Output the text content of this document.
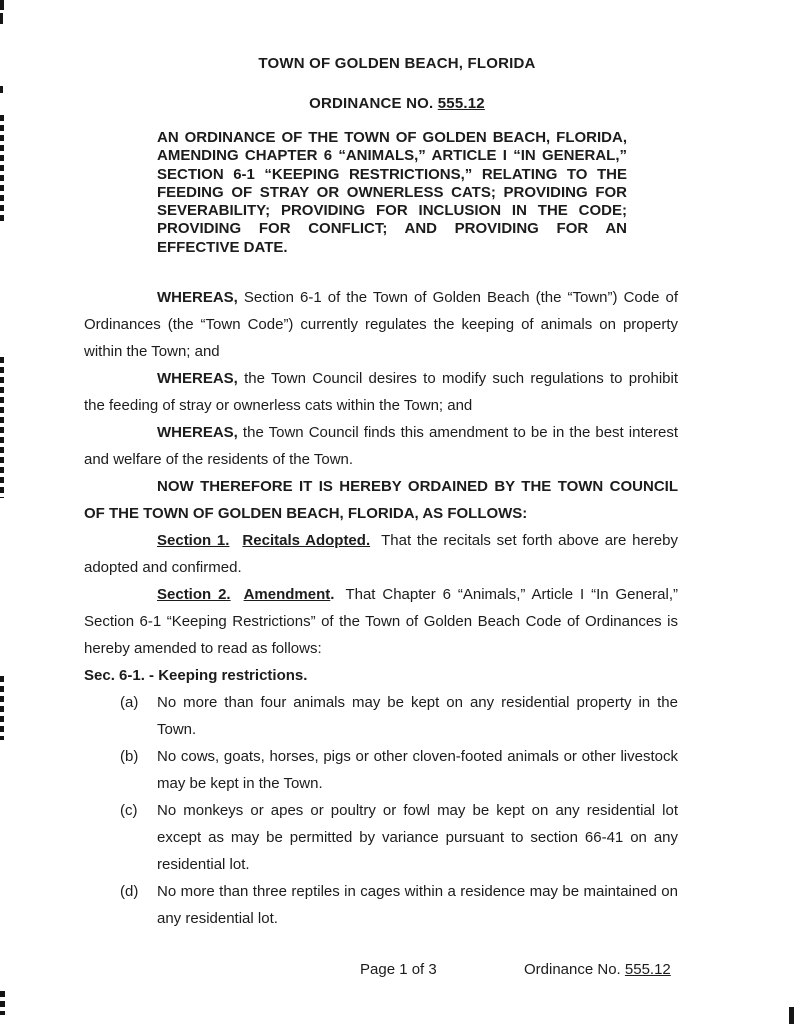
TOWN OF GOLDEN BEACH, FLORIDA
ORDINANCE NO. 555.12
AN ORDINANCE OF THE TOWN OF GOLDEN BEACH, FLORIDA, AMENDING CHAPTER 6 “ANIMALS,” ARTICLE I “IN GENERAL,” SECTION 6-1 “KEEPING RESTRICTIONS,” RELATING TO THE FEEDING OF STRAY OR OWNERLESS CATS; PROVIDING FOR SEVERABILITY; PROVIDING FOR INCLUSION IN THE CODE; PROVIDING FOR CONFLICT; AND PROVIDING FOR AN EFFECTIVE DATE.

WHEREAS, Section 6-1 of the Town of Golden Beach (the “Town”) Code of Ordinances (the “Town Code”) currently regulates the keeping of animals on property within the Town; and

WHEREAS, the Town Council desires to modify such regulations to prohibit the feeding of stray or ownerless cats within the Town; and

WHEREAS, the Town Council finds this amendment to be in the best interest and welfare of the residents of the Town.

NOW THEREFORE IT IS HEREBY ORDAINED BY THE TOWN COUNCIL OF THE TOWN OF GOLDEN BEACH, FLORIDA, AS FOLLOWS:

Section 1. Recitals Adopted. That the recitals set forth above are hereby adopted and confirmed.

Section 2. Amendment. That Chapter 6 “Animals,” Article I “In General,” Section 6-1 “Keeping Restrictions” of the Town of Golden Beach Code of Ordinances is hereby amended to read as follows:

Sec. 6-1. - Keeping restrictions.

(a) No more than four animals may be kept on any residential property in the Town.
(b) No cows, goats, horses, pigs or other cloven-footed animals or other livestock may be kept in the Town.
(c) No monkeys or apes or poultry or fowl may be kept on any residential lot except as may be permitted by variance pursuant to section 66-41 on any residential lot.
(d) No more than three reptiles in cages within a residence may be maintained on any residential lot.
Page 1 of 3	Ordinance No. 555.12
